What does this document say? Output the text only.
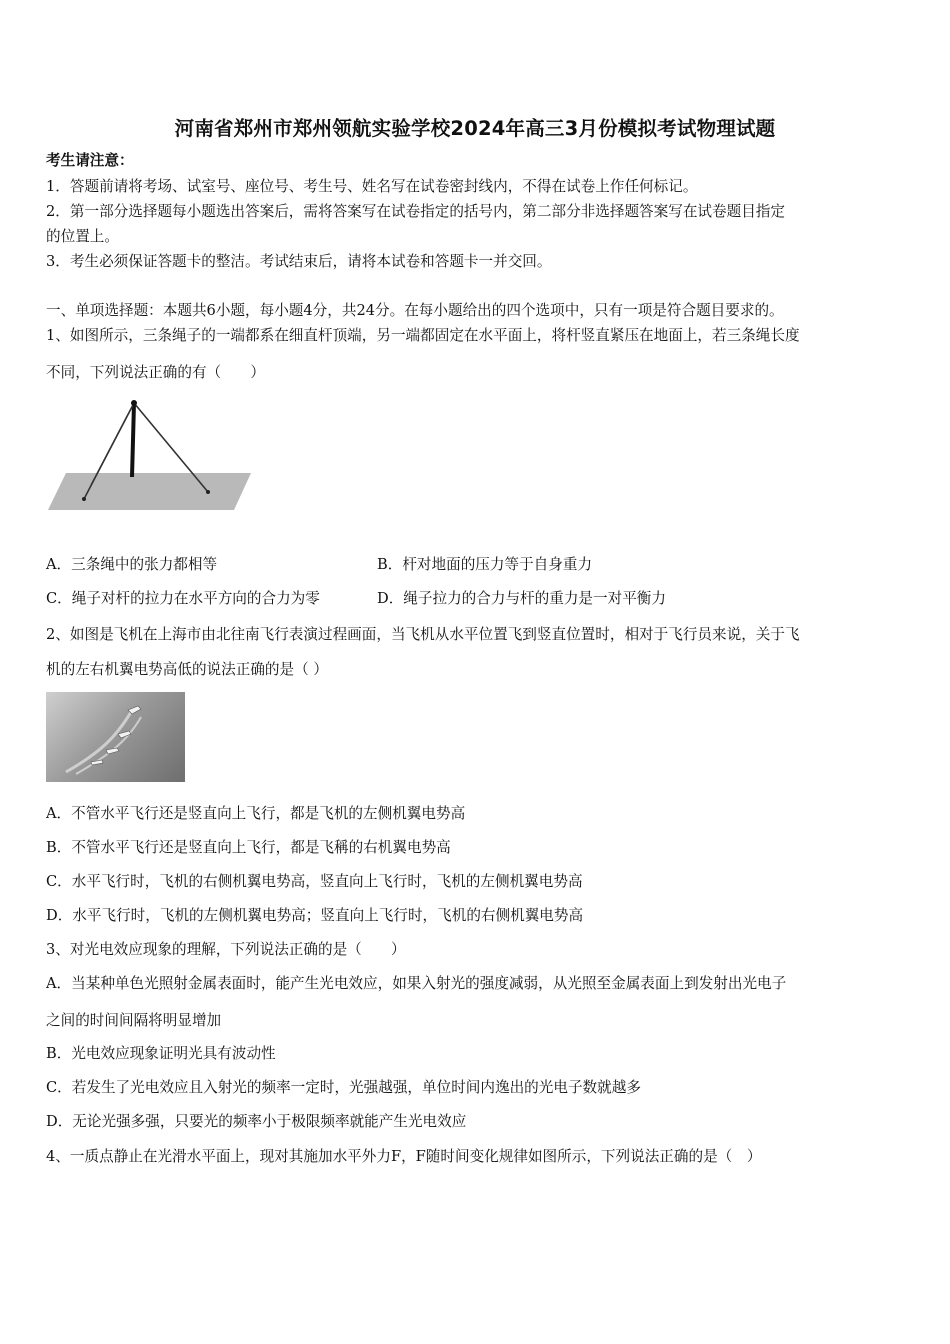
河南省郑州市郑州领航实验学校2024年高三3月份模拟考试物理试题
考生请注意：
1．答题前请将考场、试室号、座位号、考生号、姓名写在试卷密封线内，不得在试卷上作任何标记。
2．第一部分选择题每小题选出答案后，需将答案写在试卷指定的括号内，第二部分非选择题答案写在试卷题目指定
的位置上。
3．考生必须保证答题卡的整洁。考试结束后，请将本试卷和答题卡一并交回。
一、单项选择题：本题共6小题，每小题4分，共24分。在每小题给出的四个选项中，只有一项是符合题目要求的。
1、如图所示，三条绳子的一端都系在细直杆顶端，另一端都固定在水平面上，将杆竖直紧压在地面上，若三条绳长度
不同，下列说法正确的有（　　）
A．三条绳中的张力都相等	B．杆对地面的压力等于自身重力
C．绳子对杆的拉力在水平方向的合力为零	D．绳子拉力的合力与杆的重力是一对平衡力
2、如图是飞机在上海市由北往南飞行表演过程画面，当飞机从水平位置飞到竖直位置时，相对于飞行员来说，关于飞
机的左右机翼电势高低的说法正确的是（ ）
A．不管水平飞行还是竖直向上飞行，都是飞机的左侧机翼电势高
B．不管水平飞行还是竖直向上飞行，都是飞稱的右机翼电势高
C．水平飞行时，飞机的右侧机翼电势高，竖直向上飞行时，飞机的左侧机翼电势高
D．水平飞行时，飞机的左侧机翼电势高；竖直向上飞行时，飞机的右侧机翼电势高
3、对光电效应现象的理解，下列说法正确的是（　　）
A．当某种单色光照射金属表面时，能产生光电效应，如果入射光的强度减弱，从光照至金属表面上到发射出光电子
之间的时间间隔将明显增加
B．光电效应现象证明光具有波动性
C．若发生了光电效应且入射光的频率一定时，光强越强，单位时间内逸出的光电子数就越多
D．无论光强多强，只要光的频率小于极限频率就能产生光电效应
4、一质点静止在光滑水平面上，现对其施加水平外力F，F随时间变化规律如图所示，下列说法正确的是（　）
